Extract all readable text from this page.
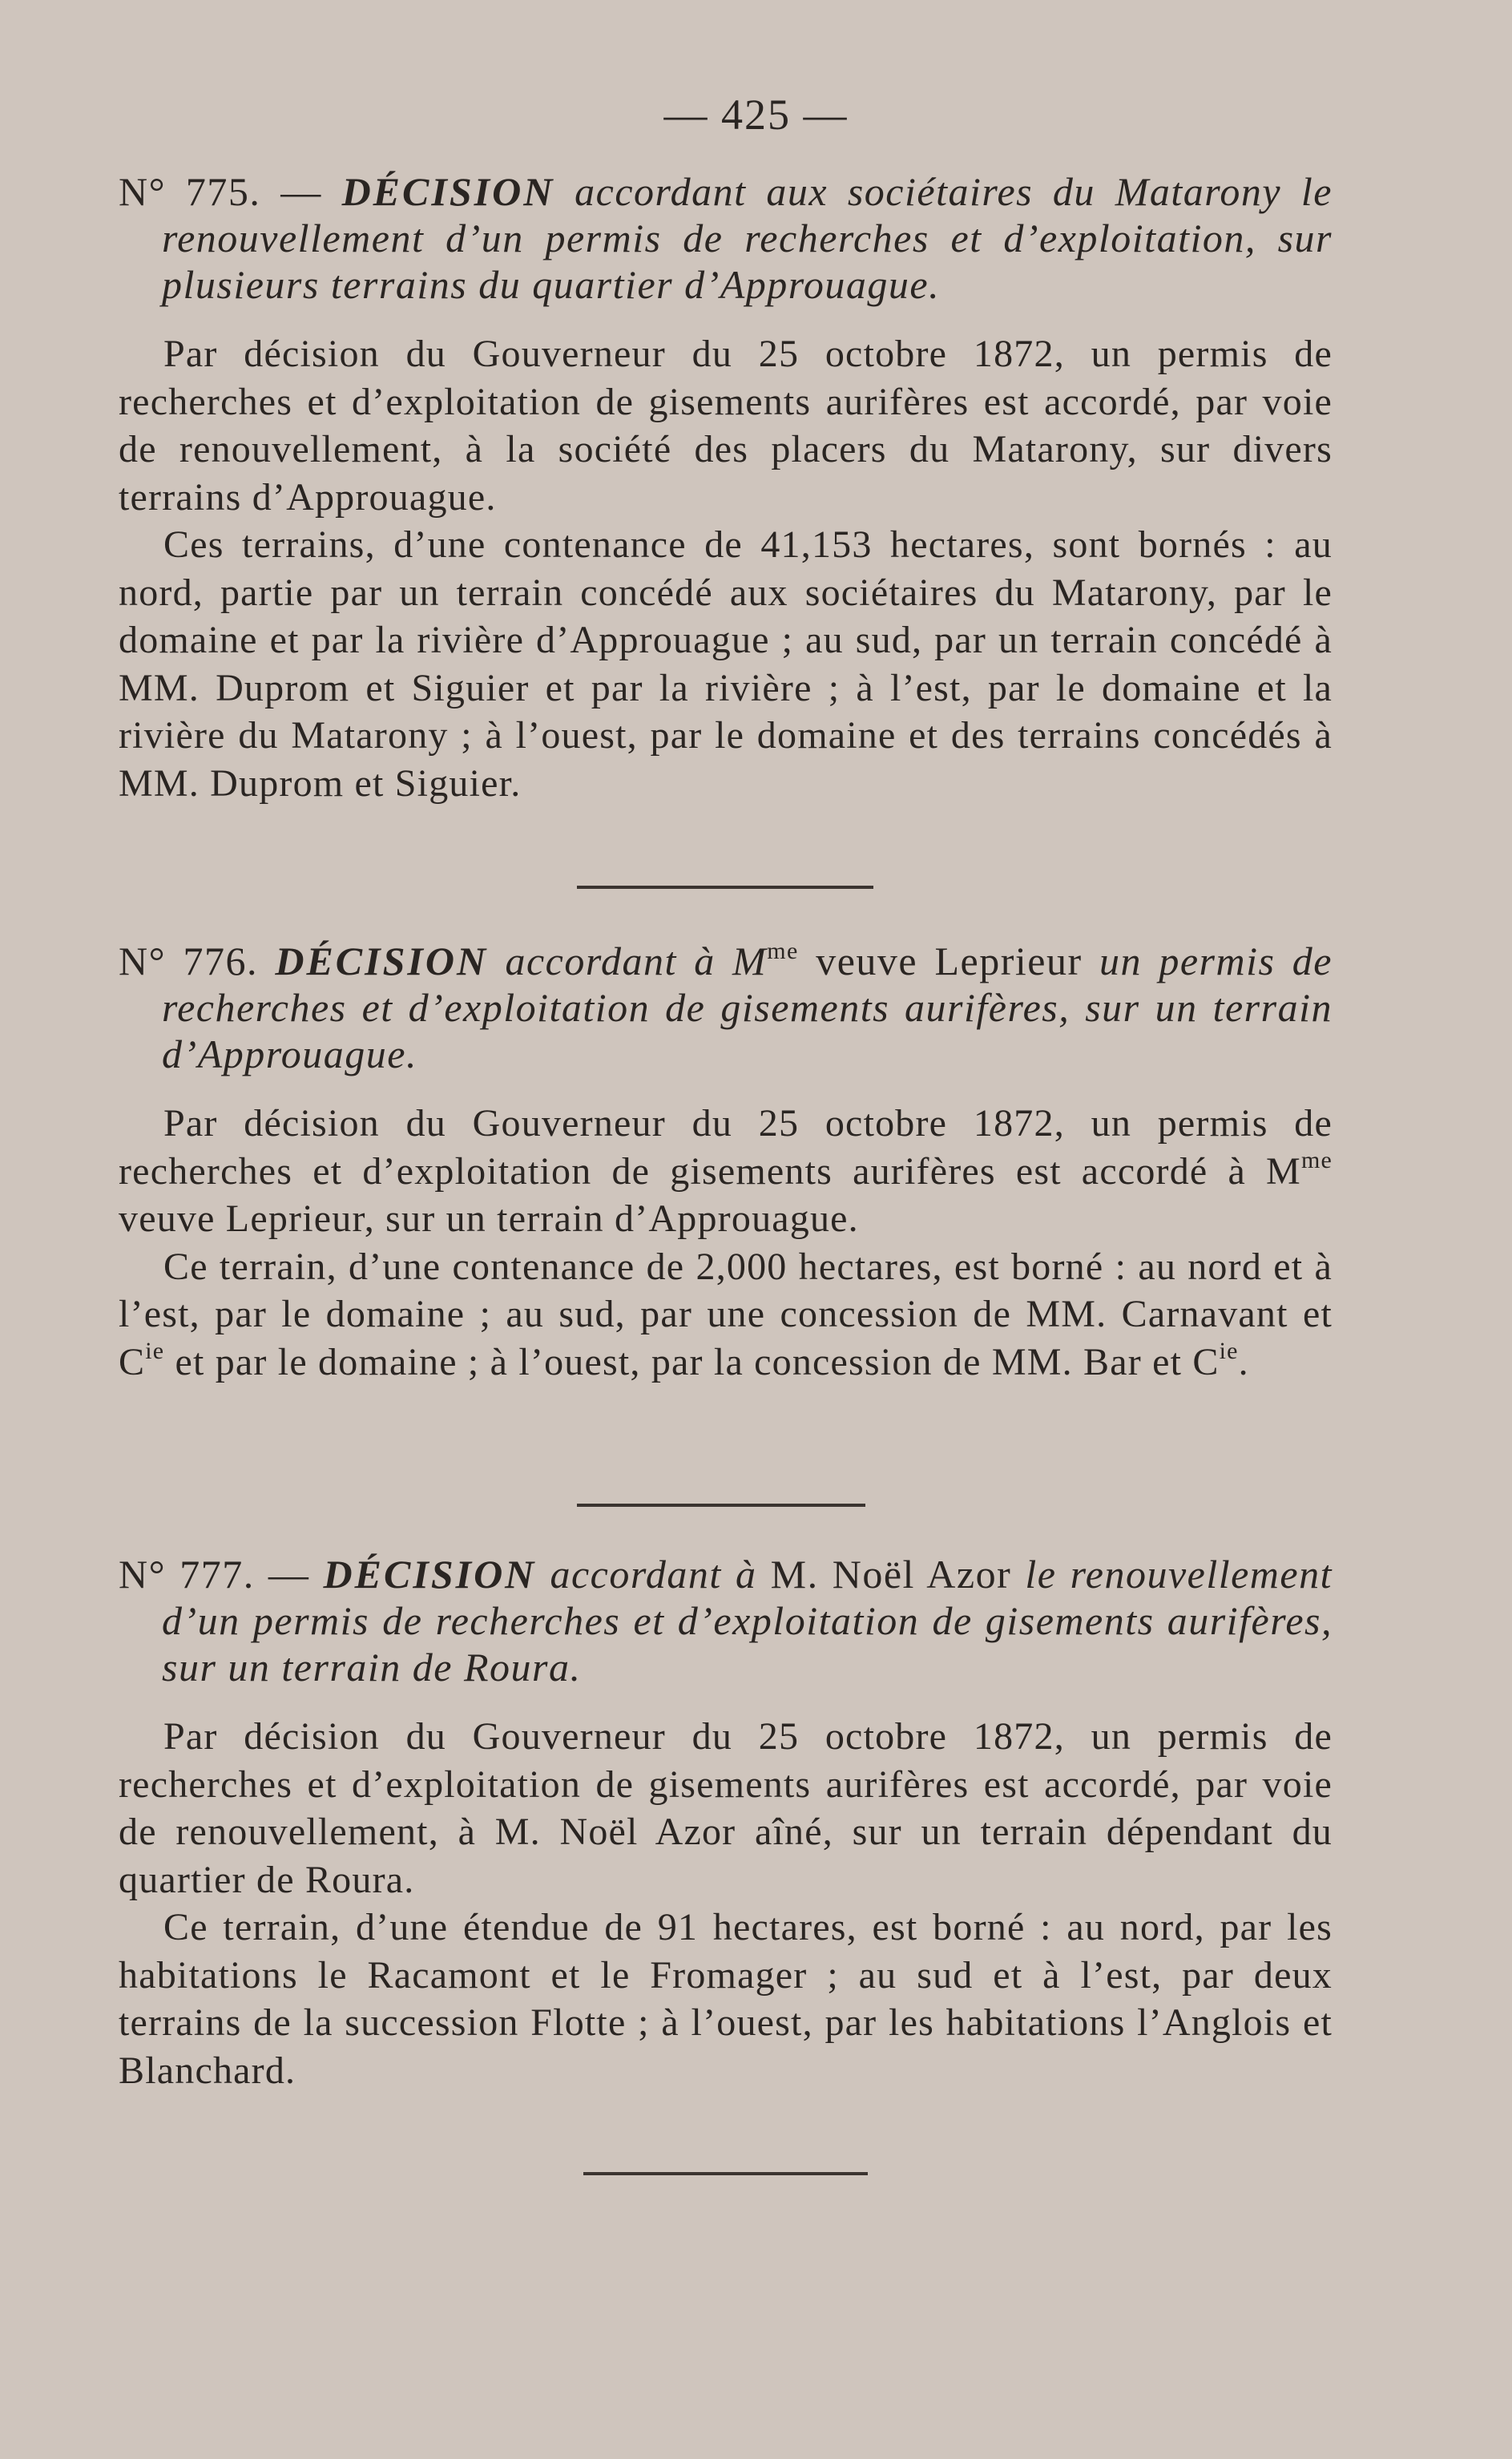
— 425 —

N° 775. — DÉCISION accordant aux sociétaires du Matarony le renouvellement d’un permis de recherches et d’exploitation, sur plusieurs terrains du quartier d’Approuague.

Par décision du Gouverneur du 25 octobre 1872, un permis de recherches et d’exploitation de gisements aurifères est accordé, par voie de renouvellement, à la société des placers du Matarony, sur divers terrains d’Approuague.

Ces terrains, d’une contenance de 41,153 hectares, sont bornés : au nord, partie par un terrain concédé aux sociétaires du Matarony, par le domaine et par la rivière d’Approuague ; au sud, par un terrain concédé à MM. Duprom et Siguier et par la rivière ; à l’est, par le domaine et la rivière du Matarony ; à l’ouest, par le domaine et des terrains concédés à MM. Duprom et Siguier.

N° 776. DÉCISION accordant à $M^{me}$ veuve Leprieur un permis de recherches et d’exploitation de gisements aurifères, sur un terrain d’Approuague.

Par décision du Gouverneur du 25 octobre 1872, un permis de recherches et d’exploitation de gisements aurifères est accordé à $M^{me}$ veuve Leprieur, sur un terrain d’Approuague.

Ce terrain, d’une contenance de 2,000 hectares, est borné : au nord et à l’est, par le domaine ; au sud, par une concession de MM. Carnavant et $C^{ie}$ et par le domaine ; à l’ouest, par la concession de MM. Bar et $C^{ie}$.

N° 777. — DÉCISION accordant à M. Noël Azor le renouvellement d’un permis de recherches et d’exploitation de gisements aurifères, sur un terrain de Roura.

Par décision du Gouverneur du 25 octobre 1872, un permis de recherches et d’exploitation de gisements aurifères est accordé, par voie de renouvellement, à M. Noël Azor aîné, sur un terrain dépendant du quartier de Roura.

Ce terrain, d’une étendue de 91 hectares, est borné : au nord, par les habitations le Racamont et le Fromager ; au sud et à l’est, par deux terrains de la succession Flotte ; à l’ouest, par les habitations l’Anglois et Blanchard.
